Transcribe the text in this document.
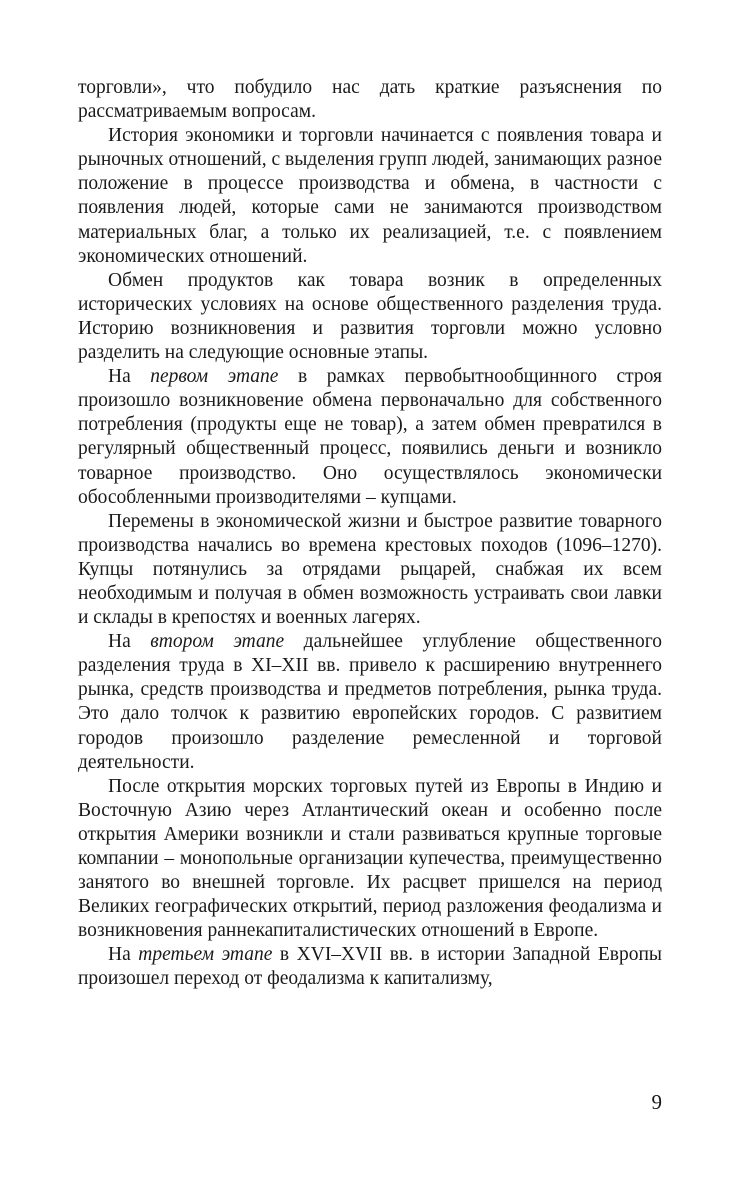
торговли», что побудило нас дать краткие разъяснения по рассматриваемым вопросам.

История экономики и торговли начинается с появления товара и рыночных отношений, с выделения групп людей, занимающих разное положение в процессе производства и обмена, в частности с появления людей, которые сами не занимаются производством материальных благ, а только их реализацией, т.е. с появлением экономических отношений.

Обмен продуктов как товара возник в определенных исторических условиях на основе общественного разделения труда. Историю возникновения и развития торговли можно условно разделить на следующие основные этапы.

На первом этапе в рамках первобытнообщинного строя произошло возникновение обмена первоначально для собственного потребления (продукты еще не товар), а затем обмен превратился в регулярный общественный процесс, появились деньги и возникло товарное производство. Оно осуществлялось экономически обособленными производителями – купцами.

Перемены в экономической жизни и быстрое развитие товарного производства начались во времена крестовых походов (1096–1270). Купцы потянулись за отрядами рыцарей, снабжая их всем необходимым и получая в обмен возможность устраивать свои лавки и склады в крепостях и военных лагерях.

На втором этапе дальнейшее углубление общественного разделения труда в XI–XII вв. привело к расширению внутреннего рынка, средств производства и предметов потребления, рынка труда. Это дало толчок к развитию европейских городов. С развитием городов произошло разделение ремесленной и торговой деятельности.

После открытия морских торговых путей из Европы в Индию и Восточную Азию через Атлантический океан и особенно после открытия Америки возникли и стали развиваться крупные торговые компании – монопольные организации купечества, преимущественно занятого во внешней торговле. Их расцвет пришелся на период Великих географических открытий, период разложения феодализма и возникновения раннекапиталистических отношений в Европе.

На третьем этапе в XVI–XVII вв. в истории Западной Европы произошел переход от феодализма к капитализму,

9
